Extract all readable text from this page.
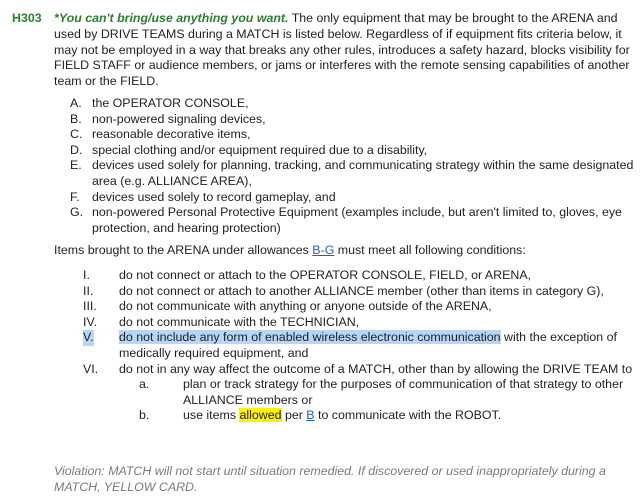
H303 *You can't bring/use anything you want. The only equipment that may be brought to the ARENA and used by DRIVE TEAMS during a MATCH is listed below. Regardless of if equipment fits criteria below, it may not be employed in a way that breaks any other rules, introduces a safety hazard, blocks visibility for FIELD STAFF or audience members, or jams or interferes with the remote sensing capabilities of another team or the FIELD.
A. the OPERATOR CONSOLE,
B. non-powered signaling devices,
C. reasonable decorative items,
D. special clothing and/or equipment required due to a disability,
E. devices used solely for planning, tracking, and communicating strategy within the same designated area (e.g. ALLIANCE AREA),
F. devices used solely to record gameplay, and
G. non-powered Personal Protective Equipment (examples include, but aren't limited to, gloves, eye protection, and hearing protection)
Items brought to the ARENA under allowances B-G must meet all following conditions:
I. do not connect or attach to the OPERATOR CONSOLE, FIELD, or ARENA,
II. do not connect or attach to another ALLIANCE member (other than items in category G),
III. do not communicate with anything or anyone outside of the ARENA,
IV. do not communicate with the TECHNICIAN,
V. do not include any form of enabled wireless electronic communication with the exception of medically required equipment, and
VI. do not in any way affect the outcome of a MATCH, other than by allowing the DRIVE TEAM to
a.	plan or track strategy for the purposes of communication of that strategy to other ALLIANCE members or
b.	use items allowed per B to communicate with the ROBOT.
Violation: MATCH will not start until situation remedied. If discovered or used inappropriately during a MATCH, YELLOW CARD.
